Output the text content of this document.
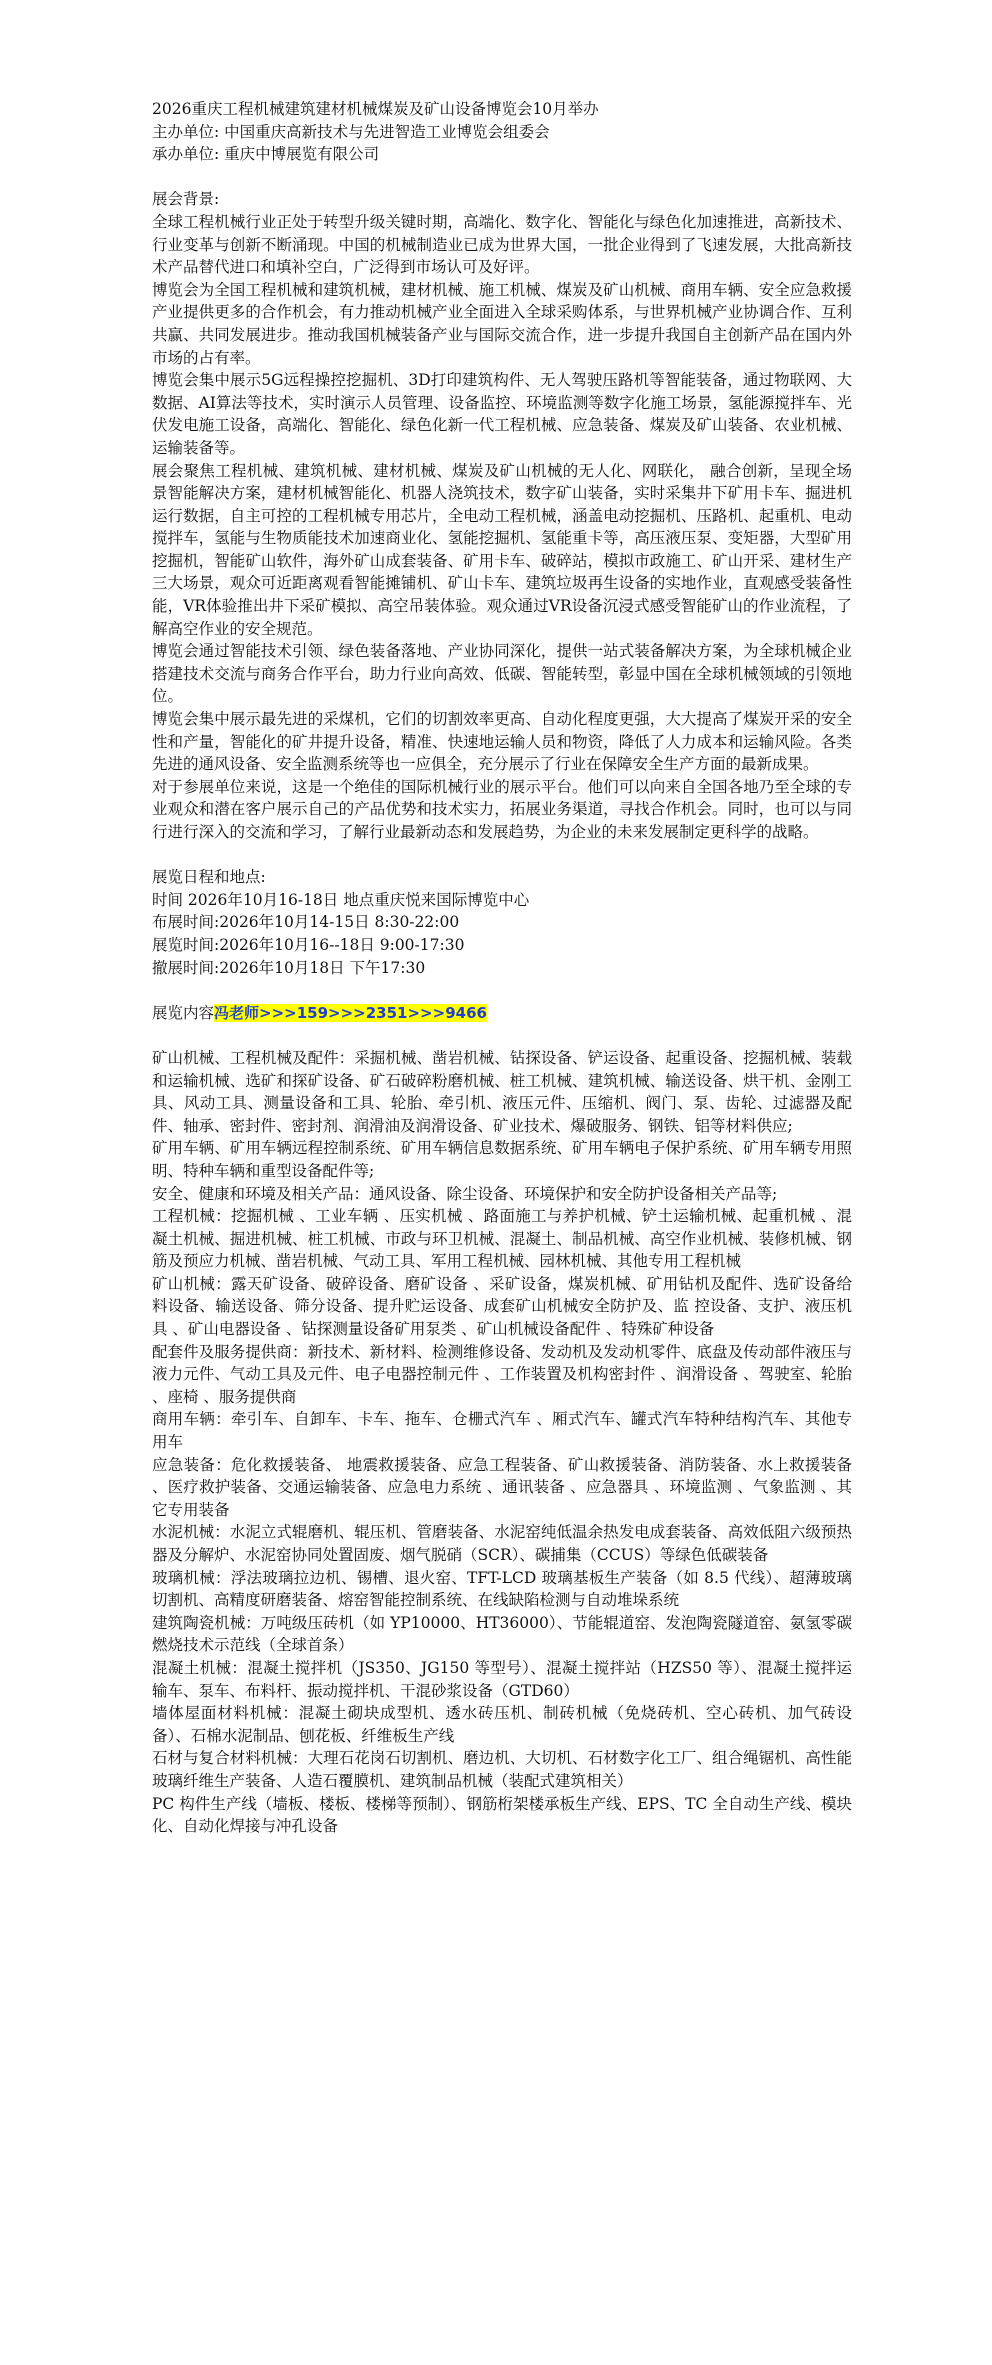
2026重庆工程机械建筑建材机械煤炭及矿山设备博览会10月举办
主办单位: 中国重庆高新技术与先进智造工业博览会组委会
承办单位: 重庆中博展览有限公司
展会背景:
全球工程机械行业正处于转型升级关键时期，高端化、数字化、智能化与绿色化加速推进，高新技术、行业变革与创新不断涌现。中国的机械制造业已成为世界大国，一批企业得到了飞速发展，大批高新技术产品替代进口和填补空白，广泛得到市场认可及好评。
博览会为全国工程机械和建筑机械，建材机械、施工机械、煤炭及矿山机械、商用车辆、安全应急救援产业提供更多的合作机会，有力推动机械产业全面进入全球采购体系，与世界机械产业协调合作、互利共赢、共同发展进步。推动我国机械装备产业与国际交流合作，进一步提升我国自主创新产品在国内外市场的占有率。
博览会集中展示5G远程操控挖掘机、3D打印建筑构件、无人驾驶压路机等智能装备，通过物联网、大数据、AI算法等技术，实时演示人员管理、设备监控、环境监测等数字化施工场景，氢能源搅拌车、光伏发电施工设备，高端化、智能化、绿色化新一代工程机械、应急装备、煤炭及矿山装备、农业机械、运输装备等。
展会聚焦工程机械、建筑机械、建材机械、煤炭及矿山机械的无人化、网联化， 融合创新，呈现全场景智能解决方案，建材机械智能化、机器人浇筑技术，数字矿山装备，实时采集井下矿用卡车、掘进机运行数据，自主可控的工程机械专用芯片，全电动工程机械，涵盖电动挖掘机、压路机、起重机、电动搅拌车，氢能与生物质能技术加速商业化、氢能挖掘机、氢能重卡等，高压液压泵、变矩器，大型矿用挖掘机，智能矿山软件，海外矿山成套装备、矿用卡车、破碎站，模拟市政施工、矿山开采、建材生产三大场景，观众可近距离观看智能摊铺机、矿山卡车、建筑垃圾再生设备的实地作业，直观感受装备性能，VR体验推出井下采矿模拟、高空吊装体验。观众通过VR设备沉浸式感受智能矿山的作业流程，了解高空作业的安全规范。
博览会通过智能技术引领、绿色装备落地、产业协同深化，提供一站式装备解决方案，为全球机械企业搭建技术交流与商务合作平台，助力行业向高效、低碳、智能转型，彰显中国在全球机械领域的引领地位。
博览会集中展示最先进的采煤机，它们的切割效率更高、自动化程度更强，大大提高了煤炭开采的安全性和产量，智能化的矿井提升设备，精准、快速地运输人员和物资，降低了人力成本和运输风险。各类先进的通风设备、安全监测系统等也一应俱全，充分展示了行业在保障安全生产方面的最新成果。
对于参展单位来说，这是一个绝佳的国际机械行业的展示平台。他们可以向来自全国各地乃至全球的专业观众和潜在客户展示自己的产品优势和技术实力，拓展业务渠道，寻找合作机会。同时，也可以与同行进行深入的交流和学习，了解行业最新动态和发展趋势，为企业的未来发展制定更科学的战略。
展览日程和地点:
时间 2026年10月16-18日 地点重庆悦来国际博览中心
布展时间:2026年10月14-15日 8:30-22:00
展览时间:2026年10月16--18日 9:00-17:30
撤展时间:2026年10月18日 下午17:30
展览内容冯老师>>>159>>>2351>>>9466
矿山机械、工程机械及配件：采掘机械、凿岩机械、钻探设备、铲运设备、起重设备、挖掘机械、装载和运输机械、选矿和探矿设备、矿石破碎粉磨机械、桩工机械、建筑机械、输送设备、烘干机、金刚工具、风动工具、测量设备和工具、轮胎、牵引机、液压元件、压缩机、阀门、泵、齿轮、过滤器及配件、轴承、密封件、密封剂、润滑油及润滑设备、矿业技术、爆破服务、钢铁、铝等材料供应;
矿用车辆、矿用车辆远程控制系统、矿用车辆信息数据系统、矿用车辆电子保护系统、矿用车辆专用照明、特种车辆和重型设备配件等;
安全、健康和环境及相关产品：通风设备、除尘设备、环境保护和安全防护设备相关产品等;
工程机械：挖掘机械 、工业车辆 、压实机械 、路面施工与养护机械、铲土运输机械、起重机械 、混凝土机械、掘进机械、桩工机械、市政与环卫机械、混凝土、制品机械、高空作业机械、装修机械、钢筋及预应力机械、凿岩机械、气动工具、军用工程机械、园林机械、其他专用工程机械
矿山机械：露天矿设备、破碎设备、磨矿设备 、采矿设备，煤炭机械、矿用钻机及配件、选矿设备给料设备、输送设备、筛分设备、提升贮运设备、成套矿山机械安全防护及、监 控设备、支护、液压机具 、矿山电器设备 、钻探测量设备矿用泵类 、矿山机械设备配件 、特殊矿种设备
配套件及服务提供商：新技术、新材料、检测维修设备、发动机及发动机零件、底盘及传动部件液压与液力元件、气动工具及元件、电子电器控制元件 、工作装置及机构密封件 、润滑设备 、驾驶室、轮胎 、座椅 、服务提供商
商用车辆：牵引车、自卸车、卡车、拖车、仓栅式汽车 、厢式汽车、罐式汽车特种结构汽车、其他专用车
应急装备：危化救援装备、 地震救援装备、应急工程装备、矿山救援装备、消防装备、水上救援装备 、医疗救护装备、交通运输装备、应急电力系统 、通讯装备 、应急器具 、环境监测 、气象监测 、其它专用装备
水泥机械：水泥立式辊磨机、辊压机、管磨装备、水泥窑纯低温余热发电成套装备、高效低阻六级预热器及分解炉、水泥窑协同处置固废、烟气脱硝（SCR）、碳捕集（CCUS）等绿色低碳装备
玻璃机械：浮法玻璃拉边机、锡槽、退火窑、TFT-LCD 玻璃基板生产装备（如 8.5 代线）、超薄玻璃切割机、高精度研磨装备、熔窑智能控制系统、在线缺陷检测与自动堆垛系统
建筑陶瓷机械：万吨级压砖机（如 YP10000、HT36000）、节能辊道窑、发泡陶瓷隧道窑、氨氢零碳燃烧技术示范线（全球首条）
混凝土机械：混凝土搅拌机（JS350、JG150 等型号）、混凝土搅拌站（HZS50 等）、混凝土搅拌运输车、泵车、布料杆、振动搅拌机、干混砂浆设备（GTD60）
墙体屋面材料机械：混凝土砌块成型机、透水砖压机、制砖机械（免烧砖机、空心砖机、加气砖设备）、石棉水泥制品、刨花板、纤维板生产线
石材与复合材料机械：大理石花岗石切割机、磨边机、大切机、石材数字化工厂、组合绳锯机、高性能玻璃纤维生产装备、人造石覆膜机、建筑制品机械（装配式建筑相关）
PC 构件生产线（墙板、楼板、楼梯等预制）、钢筋桁架楼承板生产线、EPS、TC 全自动生产线、模块化、自动化焊接与冲孔设备
